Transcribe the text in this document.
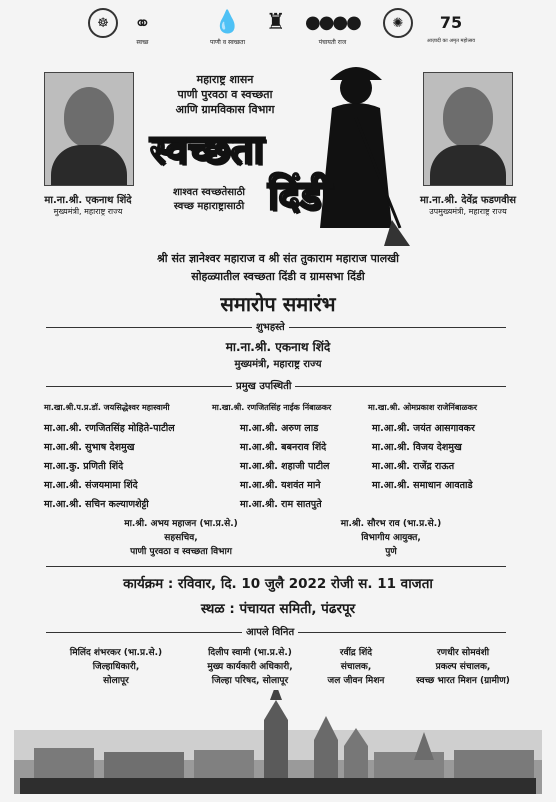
☸	⚭
स्वच्छ
💧
पाणी व स्वच्छता
♜ ●●●●
पंचायती राज
✺	75
आज़ादी का अमृत महोत्सव
मा.ना.श्री. एकनाथ शिंदे
मुख्यमंत्री, महाराष्ट्र राज्य
मा.ना.श्री. देवेंद्र फडणवीस
उपमुख्यमंत्री, महाराष्ट्र राज्य
महाराष्ट्र शासन
पाणी पुरवठा व स्वच्छता
आणि ग्रामविकास विभाग
स्वच्छता
दिंडी
शाश्वत स्वच्छतेसाठी
स्वच्छ महाराष्ट्रासाठी
श्री संत ज्ञानेश्वर महाराज व श्री संत तुकाराम महाराज पालखी
सोहळ्यातील स्वच्छता दिंडी व ग्रामसभा दिंडी
समारोप समारंभ
शुभहस्ते
मा.ना.श्री. एकनाथ शिंदे
मुख्यमंत्री, महाराष्ट्र राज्य
प्रमुख उपस्थिती
मा.खा.श्री.प.प्र.डॉ. जयसिद्धेश्वर महास्वामी	मा.खा.श्री. रणजितसिंह नाईक निंबाळकर	मा.खा.श्री. ओमप्रकाश राजेनिंबाळकर
मा.आ.श्री. रणजितसिंह मोहिते-पाटील	मा.आ.श्री. अरुण लाड	मा.आ.श्री. जयंत आसगावकर
मा.आ.श्री. सुभाष देशमुख	मा.आ.श्री. बबनराव शिंदे	मा.आ.श्री. विजय देशमुख
मा.आ.कु. प्रणिती शिंदे	मा.आ.श्री. शहाजी पाटील	मा.आ.श्री. राजेंद्र राऊत
मा.आ.श्री. संजयमामा शिंदे	मा.आ.श्री. यशवंत माने	मा.आ.श्री. समाधान आवताडे
मा.आ.श्री. सचिन कल्याणशेट्टी	मा.आ.श्री. राम सातपुते
मा.श्री. अभय महाजन (भा.प्र.से.)
सहसचिव,
पाणी पुरवठा व स्वच्छता विभाग
मा.श्री. सौरभ राव (भा.प्र.से.)
विभागीय आयुक्त,
पुणे
कार्यक्रम : रविवार, दि. 10 जुलै 2022 रोजी स. 11 वाजता
स्थळ : पंचायत समिती, पंढरपूर
आपले विनित
मिलिंद शंभरकर (भा.प्र.से.)
जिल्हाधिकारी,
सोलापूर
दिलीप स्वामी (भा.प्र.से.)
मुख्य कार्यकारी अधिकारी,
जिल्हा परिषद, सोलापूर
रवींद्र शिंदे
संचालक,
जल जीवन मिशन
रणधीर सोमवंशी
प्रकल्प संचालक,
स्वच्छ भारत मिशन (ग्रामीण)
